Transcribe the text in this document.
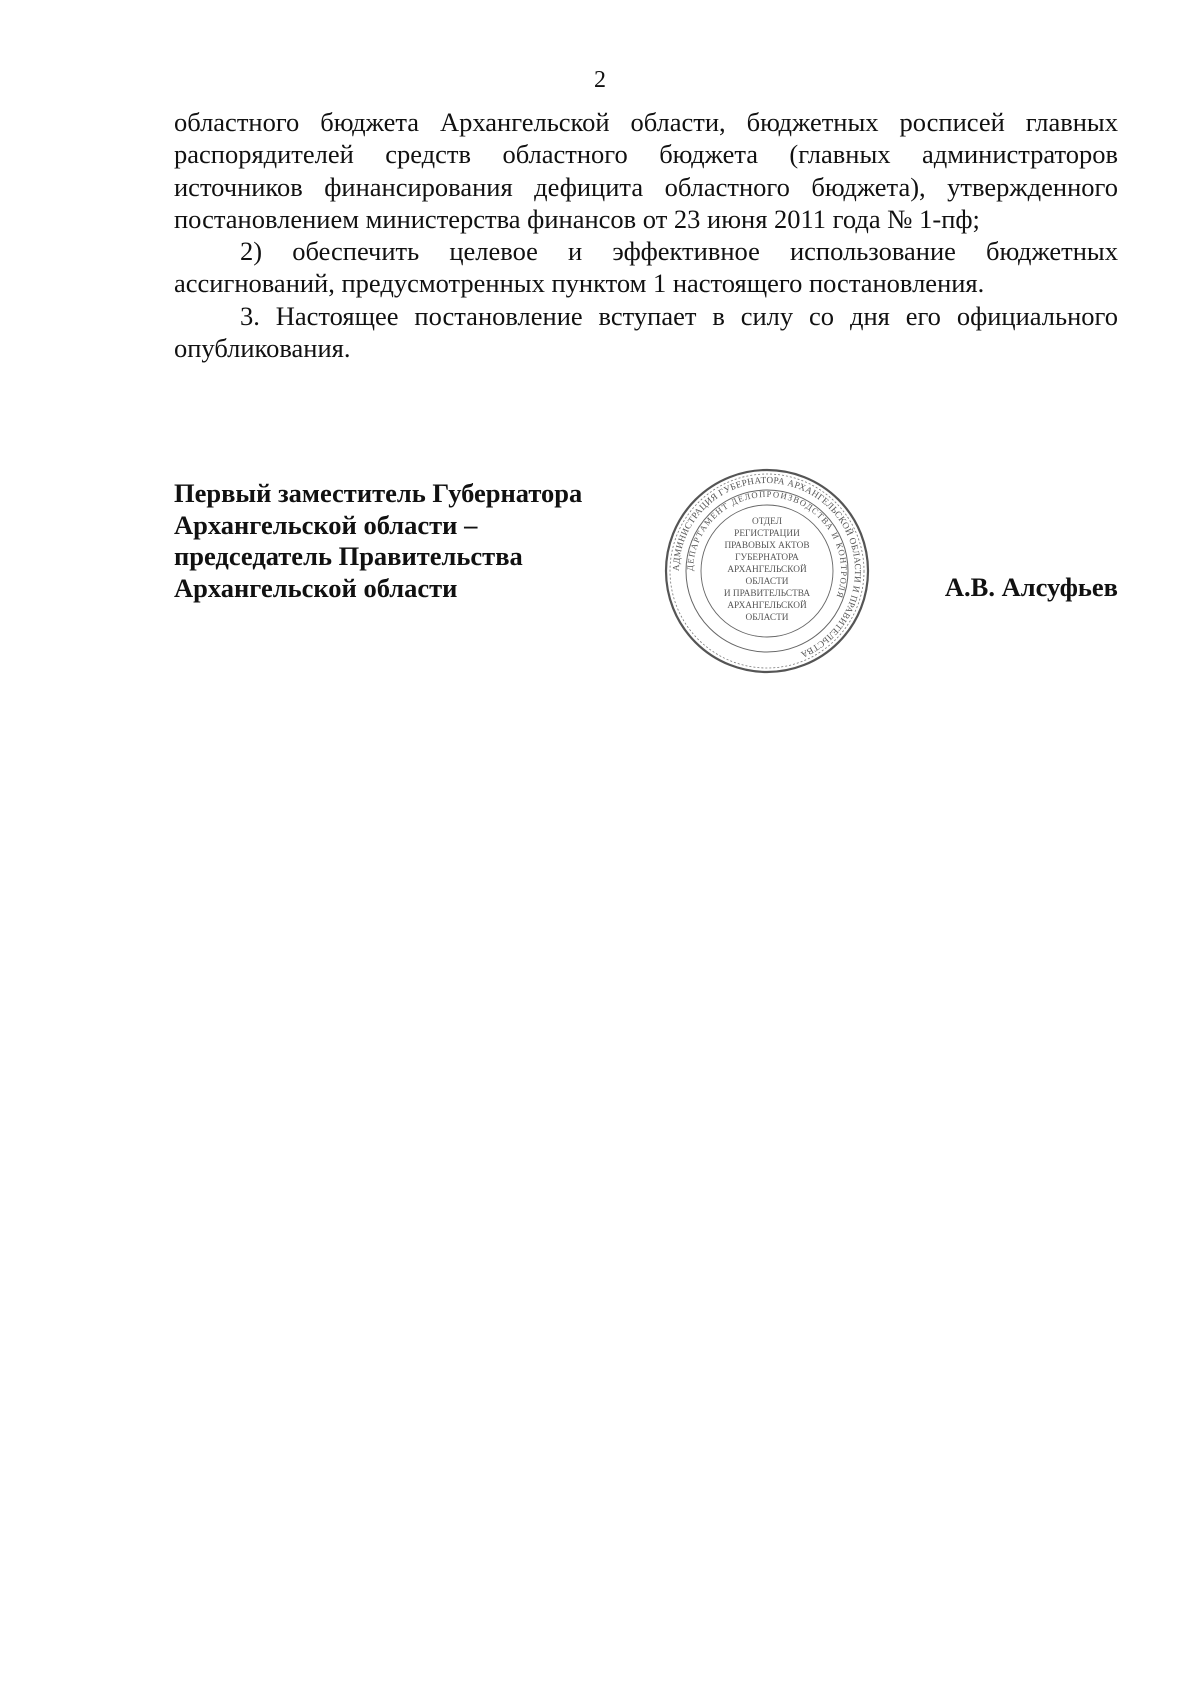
2

областного бюджета Архангельской области, бюджетных росписей главных распорядителей средств областного бюджета (главных администраторов источников финансирования дефицита областного бюджета), утвержденного постановлением министерства финансов от 23 июня 2011 года № 1-пф;

2) обеспечить целевое и эффективное использование бюджетных ассигнований, предусмотренных пунктом 1 настоящего постановления.

3. Настоящее постановление вступает в силу со дня его официального опубликования.

Первый заместитель Губернатора
Архангельской области –
председатель Правительства
Архангельской области
АДМИНИСТРАЦИЯ ГУБЕРНАТОРА АРХАНГЕЛЬСКОЙ ОБЛАСТИ И ПРАВИТЕЛЬСТВА
ДЕПАРТАМЕНТ ДЕЛОПРОИЗВОДСТВА И КОНТРОЛЯ
ОТДЕЛ
РЕГИСТРАЦИИ
ПРАВОВЫХ АКТОВ
ГУБЕРНАТОРА
АРХАНГЕЛЬСКОЙ
ОБЛАСТИ
И ПРАВИТЕЛЬСТВА
АРХАНГЕЛЬСКОЙ
ОБЛАСТИ
А.В. Алсуфьев
